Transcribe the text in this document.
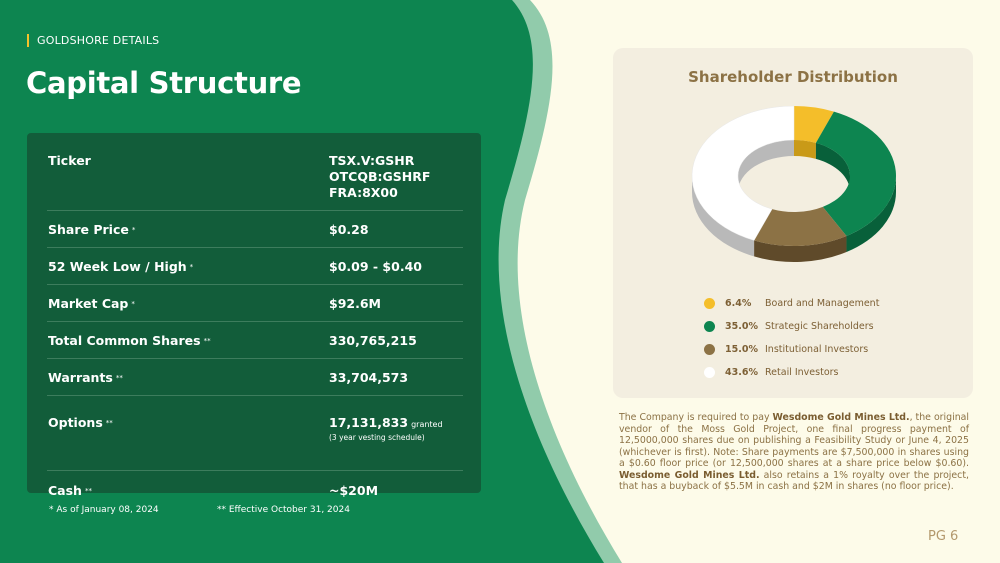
GOLDSHORE DETAILS
Capital Structure
Ticker	TSX.V:GSHR
OTCQB:GSHRF
FRA:8X00
Share Price *	$0.28
52 Week Low / High *	$0.09 - $0.40
Market Cap *	$92.6M
Total Common Shares **	330,765,215
Warrants **	33,704,573
Options **	17,131,833 granted
(3 year vesting schedule)
Cash **	~$20M
* As of January 08, 2024	** Effective October 31, 2024
Shareholder Distribution
6.4%	Board and Management
35.0% Strategic Shareholders
15.0% Institutional Investors
43.6% Retail Investors
The Company is required to pay Wesdome Gold Mines Ltd., the original vendor of the Moss Gold Project, one final progress payment of 12,5000,000 shares due on publishing a Feasibility Study or June 4, 2025 (whichever is first). Note: Share payments are $7,500,000 in shares using a $0.60 floor price (or 12,500,000 shares at a share price below $0.60). Wesdome Gold Mines Ltd. also retains a 1% royalty over the project, that has a buyback of $5.5M in cash and $2M in shares (no floor price).
PG 6
